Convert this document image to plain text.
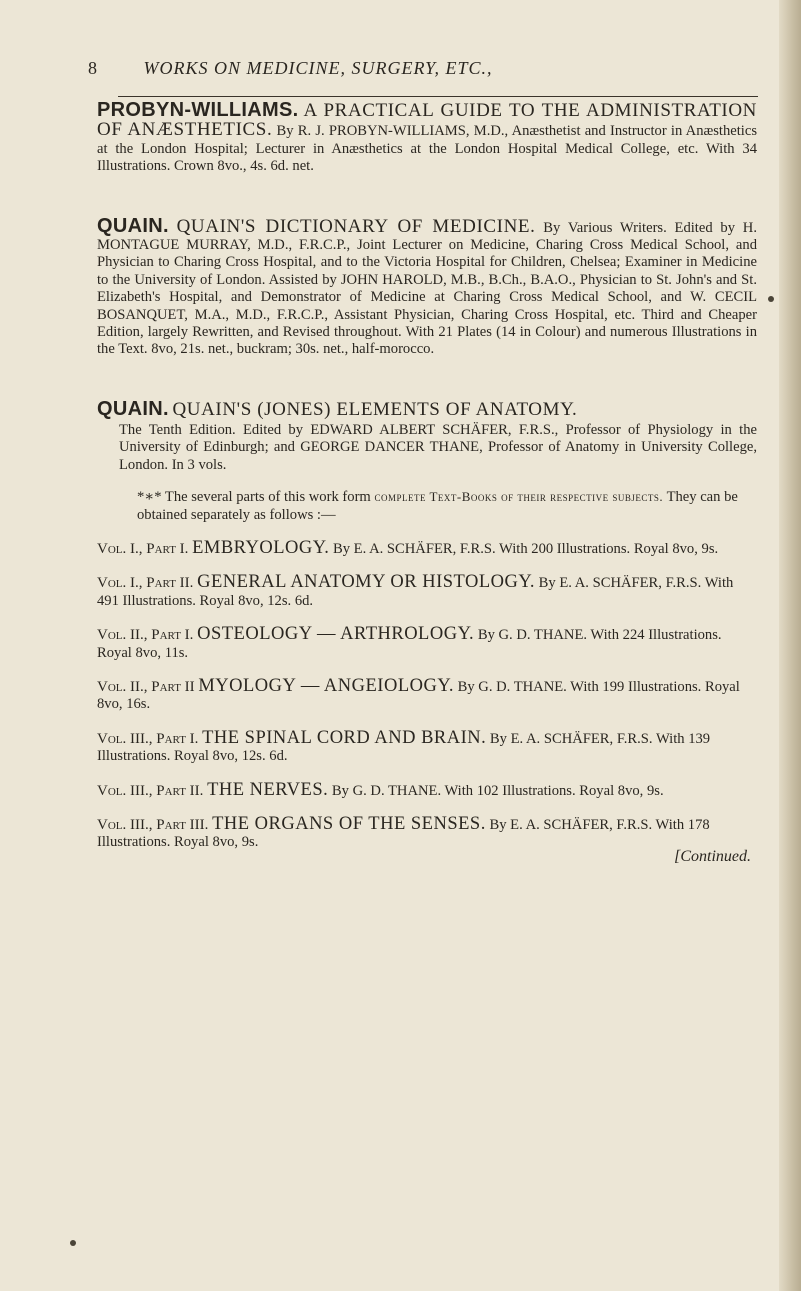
8	WORKS ON MEDICINE, SURGERY, ETC.,
PROBYN-WILLIAMS. A PRACTICAL GUIDE TO THE ADMINISTRATION OF ANÆSTHETICS. By R. J. PROBYN-WILLIAMS, M.D., Anæsthetist and Instructor in Anæsthetics at the London Hospital; Lecturer in Anæsthetics at the London Hospital Medical College, etc. With 34 Illustrations. Crown 8vo., 4s. 6d. net.
QUAIN. QUAIN'S DICTIONARY OF MEDICINE. By Various Writers. Edited by H. MONTAGUE MURRAY, M.D., F.R.C.P., Joint Lecturer on Medicine, Charing Cross Medical School, and Physician to Charing Cross Hospital, and to the Victoria Hospital for Children, Chelsea; Examiner in Medicine to the University of London. Assisted by JOHN HAROLD, M.B., B.Ch., B.A.O., Physician to St. John's and St. Elizabeth's Hospital, and Demonstrator of Medicine at Charing Cross Medical School, and W. CECIL BOSANQUET, M.A., M.D., F.R.C.P., Assistant Physician, Charing Cross Hospital, etc. Third and Cheaper Edition, largely Rewritten, and Revised throughout. With 21 Plates (14 in Colour) and numerous Illustrations in the Text. 8vo, 21s. net., buckram; 30s. net., half-morocco.
QUAIN. QUAIN'S (JONES) ELEMENTS OF ANATOMY.
The Tenth Edition. Edited by EDWARD ALBERT SCHÄFER, F.R.S., Professor of Physiology in the University of Edinburgh; and GEORGE DANCER THANE, Professor of Anatomy in University College, London. In 3 vols.
*∗* The several parts of this work form complete Text-Books of their respective subjects. They can be obtained separately as follows :—
Vol. I., Part I. EMBRYOLOGY. By E. A. SCHÄFER, F.R.S. With 200 Illustrations. Royal 8vo, 9s.
Vol. I., Part II. GENERAL ANATOMY OR HISTOLOGY. By E. A. SCHÄFER, F.R.S. With 491 Illustrations. Royal 8vo, 12s. 6d.
Vol. II., Part I. OSTEOLOGY — ARTHROLOGY. By G. D. THANE. With 224 Illustrations. Royal 8vo, 11s.
Vol. II., Part II MYOLOGY — ANGEIOLOGY. By G. D. THANE. With 199 Illustrations. Royal 8vo, 16s.
Vol. III., Part I. THE SPINAL CORD AND BRAIN. By E. A. SCHÄFER, F.R.S. With 139 Illustrations. Royal 8vo, 12s. 6d.
Vol. III., Part II. THE NERVES. By G. D. THANE. With 102 Illustrations. Royal 8vo, 9s.
Vol. III., Part III. THE ORGANS OF THE SENSES. By E. A. SCHÄFER, F.R.S. With 178 Illustrations. Royal 8vo, 9s.
[Continued.
